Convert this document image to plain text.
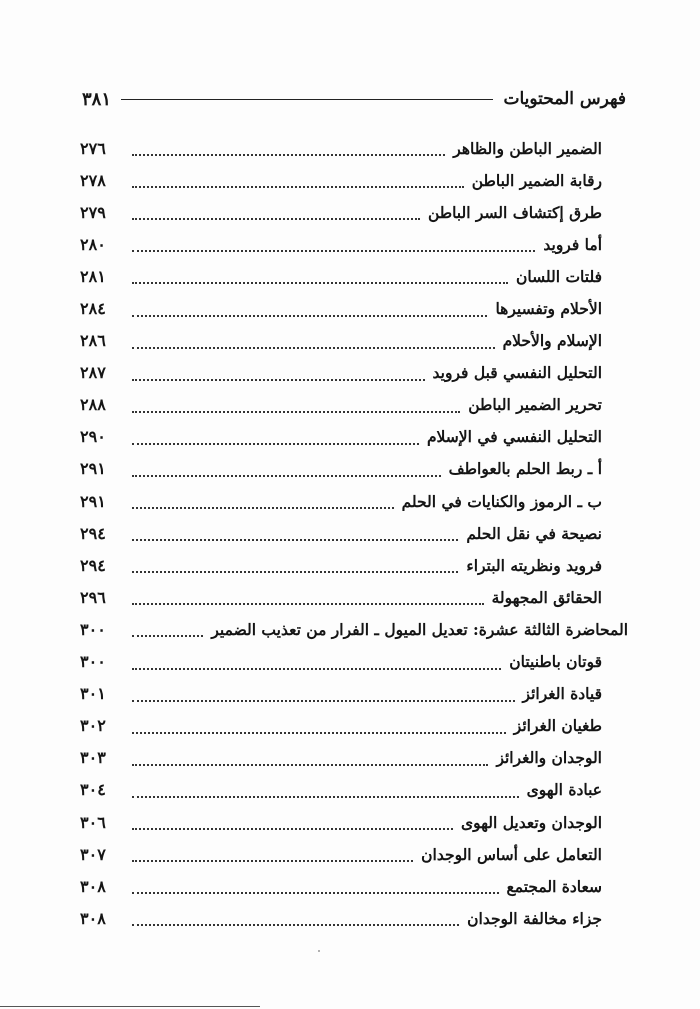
فهرس المحتويات
٣٨١
الضمير الباطن والظاهر
٢٧٦
رقابة الضمير الباطن
٢٧٨
طرق إكتشاف السر الباطن
٢٧٩
أما فرويد
٢٨٠
فلتات اللسان
٢٨١
الأحلام وتفسيرها
٢٨٤
الإسلام والأحلام
٢٨٦
التحليل النفسي قبل فرويد
٢٨٧
تحرير الضمير الباطن
٢٨٨
التحليل النفسي في الإسلام
٢٩٠
أ ـ ربط الحلم بالعواطف
٢٩١
ب ـ الرموز والكنايات في الحلم
٢٩١
نصيحة في نقل الحلم
٢٩٤
فرويد ونظريته البتراء
٢٩٤
الحقائق المجهولة
٢٩٦
المحاضرة الثالثة عشرة: تعديل الميول ـ الفرار من تعذيب الضمير
٣٠٠
قوتان باطنيتان
٣٠٠
قيادة الغرائز
٣٠١
طغيان الغرائز
٣٠٢
الوجدان والغرائز
٣٠٣
عبادة الهوى
٣٠٤
الوجدان وتعديل الهوى
٣٠٦
التعامل على أساس الوجدان
٣٠٧
سعادة المجتمع
٣٠٨
جزاء مخالفة الوجدان
٣٠٨
